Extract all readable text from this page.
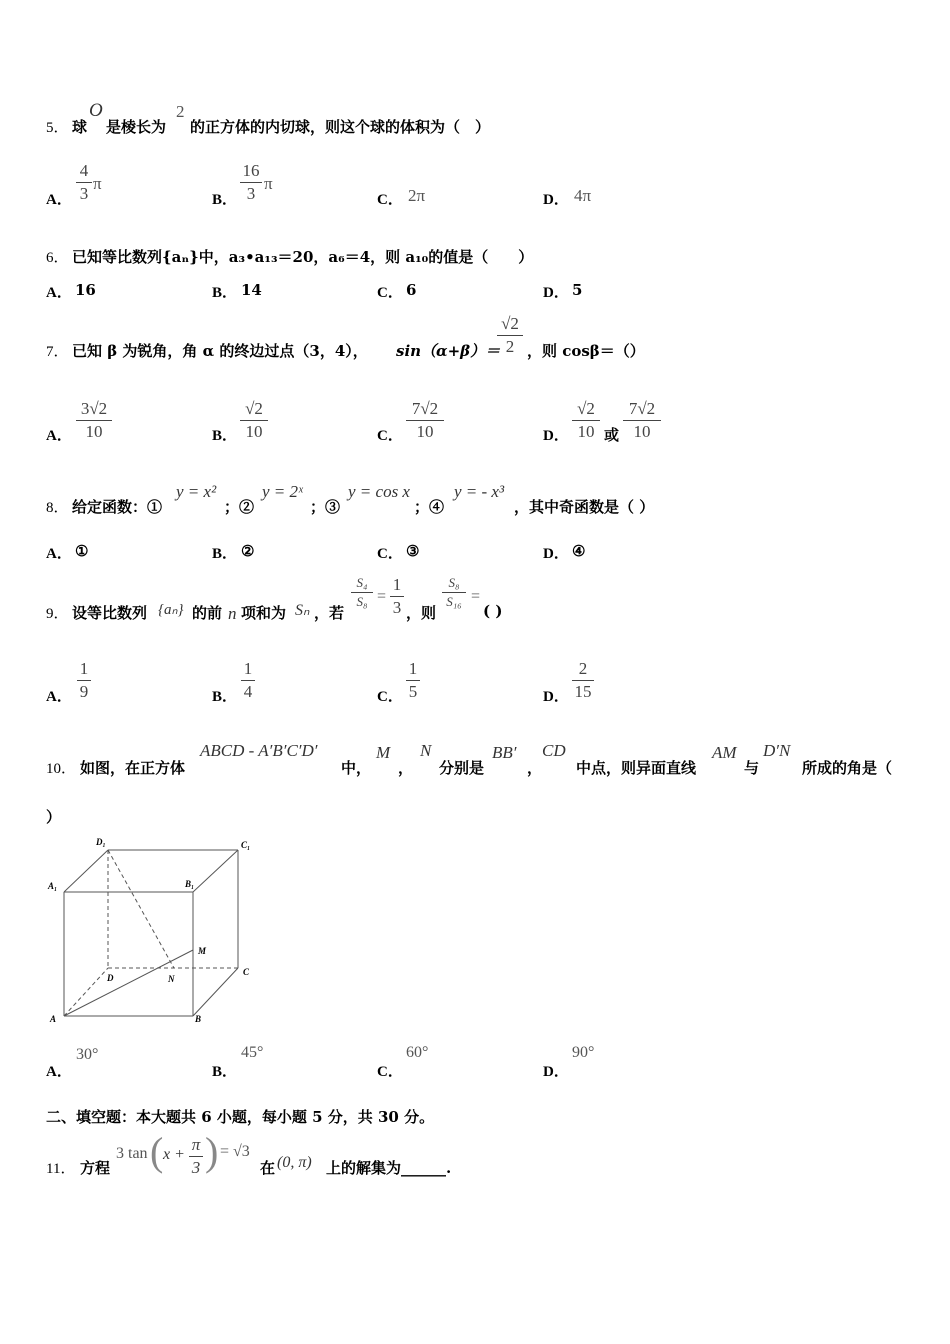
5． 球
O
是棱长为
2
的正方体的内切球，则这个球的体积为（　）
A．
4
3
π
B．
16
3
π
C． 2π	D． 4π
6． 已知等比数列{aₙ}中，a₃•a₁₃＝20，a₆＝4，则 a₁₀的值是（　　）
A． 16	B． 14	C． 6	D． 5
7． 已知 β 为锐角，角 α 的终边过点（3，4）， sin（α+β）＝
√2
2 ，则 cosβ＝（）
A．
3√2
10	B．
√2
10	C．
7√2
10	D．
√2
10 或
7√2
10
8． 给定函数：①
y = x²
；②
y = 2ˣ
；③
y = cos x
；④
y = - x³
，其中奇函数是（ ）
A． ①	B． ②	C． ③	D． ④
9． 设等比数列 {aₙ} 的前 n 项和为 Sₙ ，若
S₄
S₈ =
1
3 ，则
S₈
S₁₆ =
( )
A．
1
9	B．
1
4	C．
1
5	D．
2
15
10． 如图，在正方体
ABCD - A′B′C′D′
中，
M
，
N
分别是
BB′
，
CD
中点，则异面直线
AM
与
D′N
所成的角是（
）
D₁	C₁
A₁	B₁
M
D	N
C
A	B
A．
30°
B．
45°
C．
60°
D．
90°
二、填空题：本大题共 6 小题，每小题 5 分，共 30 分。
11． 方程
3 tan ( x +
π
3 ) = √3
在 (0, π) 上的解集为______.
